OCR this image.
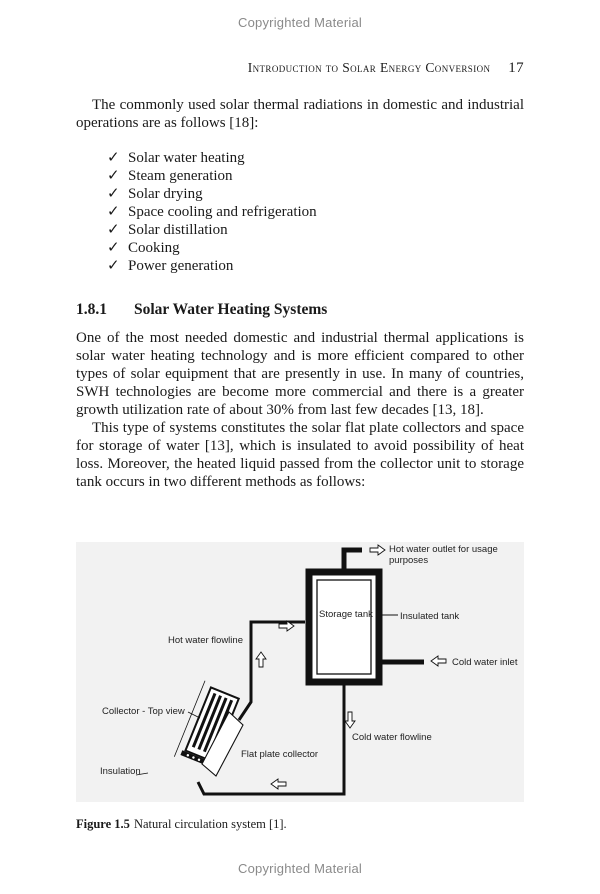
Copyrighted Material
Introduction to Solar Energy Conversion 17

The commonly used solar thermal radiations in domestic and industrial operations are as follows [18]:

✓ Solar water heating
✓ Steam generation
✓ Solar drying
✓ Space cooling and refrigeration
✓ Solar distillation
✓ Cooking
✓ Power generation
1.8.1 Solar Water Heating Systems

One of the most needed domestic and industrial thermal applications is solar water heating technology and is more efficient compared to other types of solar equipment that are presently in use. In many of countries, SWH technologies are become more commercial and there is a greater growth utilization rate of about 30% from last few decades [13, 18].

This type of systems constitutes the solar flat plate collectors and space for storage of water [13], which is insulated to avoid possibility of heat loss. Moreover, the heated liquid passed from the collector unit to storage tank occurs in two different methods as follows:

Hot water outlet for usage
purposes
Storage tank	Insulated tank
Hot water flowline
Cold water inlet
Collector - Top view
Cold water flowline
Flat plate collector
Insulation
Figure 1.5 Natural circulation system [1].
Copyrighted Material
